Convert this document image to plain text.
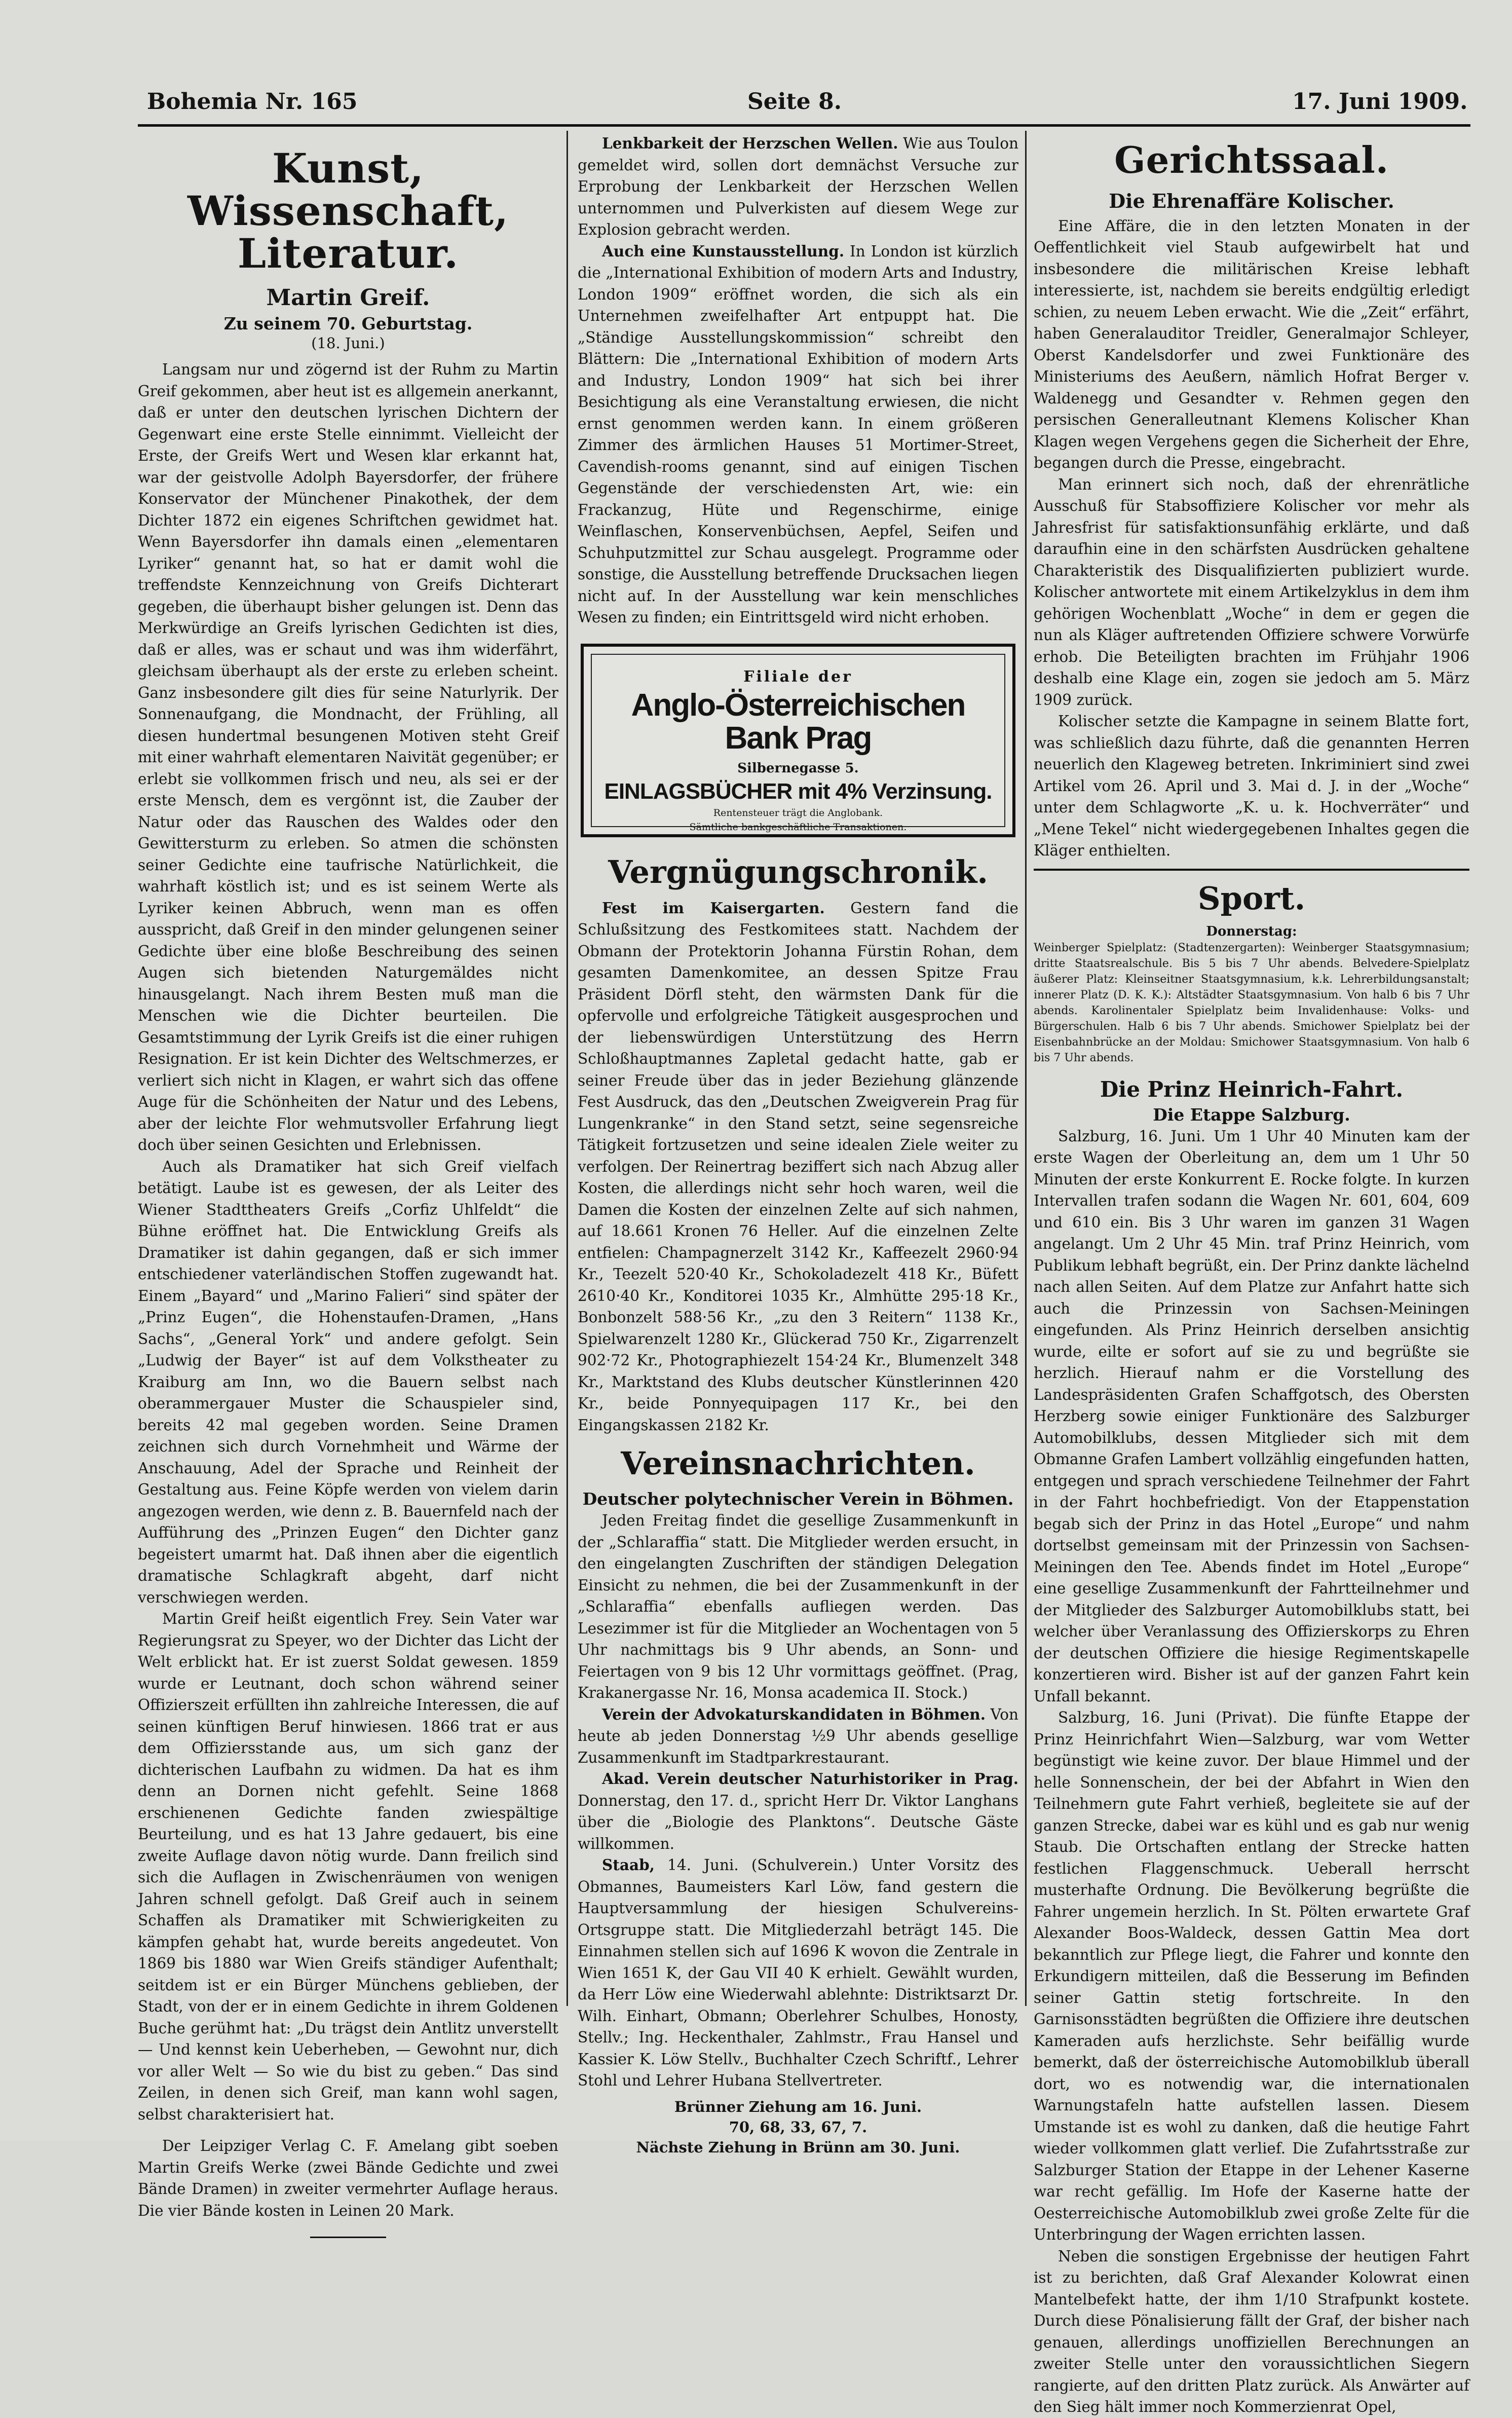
Bohemia Nr. 165	Seite 8.	17. Juni 1909.
Kunst, Wissenschaft, Literatur.
Martin Greif.
Zu seinem 70. Geburtstag.
(18. Juni.)

Langsam nur und zögernd ist der Ruhm zu Martin Greif gekommen, aber heut ist es allgemein anerkannt, daß er unter den deutschen lyrischen Dichtern der Gegenwart eine erste Stelle einnimmt. Vielleicht der Erste, der Greifs Wert und Wesen klar erkannt hat, war der geistvolle Adolph Bayersdorfer, der frühere Konservator der Münchener Pinakothek, der dem Dichter 1872 ein eigenes Schriftchen gewidmet hat. Wenn Bayersdorfer ihn damals einen „elementaren Lyriker“ genannt hat, so hat er damit wohl die treffendste Kennzeichnung von Greifs Dichterart gegeben, die überhaupt bisher gelungen ist. Denn das Merkwürdige an Greifs lyrischen Gedichten ist dies, daß er alles, was er schaut und was ihm widerfährt, gleichsam überhaupt als der erste zu erleben scheint. Ganz insbesondere gilt dies für seine Naturlyrik. Der Sonnenaufgang, die Mondnacht, der Frühling, all diesen hundertmal besungenen Motiven steht Greif mit einer wahrhaft elementaren Naivität gegenüber; er erlebt sie vollkommen frisch und neu, als sei er der erste Mensch, dem es vergönnt ist, die Zauber der Natur oder das Rauschen des Waldes oder den Gewittersturm zu erleben. So atmen die schönsten seiner Gedichte eine taufrische Natürlichkeit, die wahrhaft köstlich ist; und es ist seinem Werte als Lyriker keinen Abbruch, wenn man es offen ausspricht, daß Greif in den minder gelungenen seiner Gedichte über eine bloße Beschreibung des seinen Augen sich bietenden Naturgemäldes nicht hinausgelangt. Nach ihrem Besten muß man die Menschen wie die Dichter beurteilen. Die Gesamtstimmung der Lyrik Greifs ist die einer ruhigen Resignation. Er ist kein Dichter des Weltschmerzes, er verliert sich nicht in Klagen, er wahrt sich das offene Auge für die Schönheiten der Natur und des Lebens, aber der leichte Flor wehmutsvoller Erfahrung liegt doch über seinen Gesichten und Erlebnissen.

Auch als Dramatiker hat sich Greif vielfach betätigt. Laube ist es gewesen, der als Leiter des Wiener Stadttheaters Greifs „Corfiz Uhlfeldt“ die Bühne eröffnet hat. Die Entwicklung Greifs als Dramatiker ist dahin gegangen, daß er sich immer entschiedener vaterländischen Stoffen zugewandt hat. Einem „Bayard“ und „Marino Falieri“ sind später der „Prinz Eugen“, die Hohenstaufen-Dramen, „Hans Sachs“, „General York“ und andere gefolgt. Sein „Ludwig der Bayer“ ist auf dem Volkstheater zu Kraiburg am Inn, wo die Bauern selbst nach oberammergauer Muster die Schauspieler sind, bereits 42 mal gegeben worden. Seine Dramen zeichnen sich durch Vornehmheit und Wärme der Anschauung, Adel der Sprache und Reinheit der Gestaltung aus. Feine Köpfe werden von vielem darin angezogen werden, wie denn z. B. Bauernfeld nach der Aufführung des „Prinzen Eugen“ den Dichter ganz begeistert umarmt hat. Daß ihnen aber die eigentlich dramatische Schlagkraft abgeht, darf nicht verschwiegen werden.

Martin Greif heißt eigentlich Frey. Sein Vater war Regierungsrat zu Speyer, wo der Dichter das Licht der Welt erblickt hat. Er ist zuerst Soldat gewesen. 1859 wurde er Leutnant, doch schon während seiner Offizierszeit erfüllten ihn zahlreiche Interessen, die auf seinen künftigen Beruf hinwiesen. 1866 trat er aus dem Offiziersstande aus, um sich ganz der dichterischen Laufbahn zu widmen. Da hat es ihm denn an Dornen nicht gefehlt. Seine 1868 erschienenen Gedichte fanden zwiespältige Beurteilung, und es hat 13 Jahre gedauert, bis eine zweite Auflage davon nötig wurde. Dann freilich sind sich die Auflagen in Zwischenräumen von wenigen Jahren schnell gefolgt. Daß Greif auch in seinem Schaffen als Dramatiker mit Schwierigkeiten zu kämpfen gehabt hat, wurde bereits angedeutet. Von 1869 bis 1880 war Wien Greifs ständiger Aufenthalt; seitdem ist er ein Bürger Münchens geblieben, der Stadt, von der er in einem Gedichte in ihrem Goldenen Buche gerühmt hat: „Du trägst dein Antlitz unverstellt — Und kennst kein Ueberheben, — Gewohnt nur, dich vor aller Welt — So wie du bist zu geben.“ Das sind Zeilen, in denen sich Greif, man kann wohl sagen, selbst charakterisiert hat.

Der Leipziger Verlag C. F. Amelang gibt soeben Martin Greifs Werke (zwei Bände Gedichte und zwei Bände Dramen) in zweiter vermehrter Auflage heraus. Die vier Bände kosten in Leinen 20 Mark.

Lenkbarkeit der Herzschen Wellen. Wie aus Toulon gemeldet wird, sollen dort demnächst Versuche zur Erprobung der Lenkbarkeit der Herzschen Wellen unternommen und Pulverkisten auf diesem Wege zur Explosion gebracht werden.

Auch eine Kunstausstellung. In London ist kürzlich die „International Exhibition of modern Arts and Industry, London 1909“ eröffnet worden, die sich als ein Unternehmen zweifelhafter Art entpuppt hat. Die „Ständige Ausstellungskommission“ schreibt den Blättern: Die „International Exhibition of modern Arts and Industry, London 1909“ hat sich bei ihrer Besichtigung als eine Veranstaltung erwiesen, die nicht ernst genommen werden kann. In einem größeren Zimmer des ärmlichen Hauses 51 Mortimer-Street, Cavendish-rooms genannt, sind auf einigen Tischen Gegenstände der verschiedensten Art, wie: ein Frackanzug, Hüte und Regenschirme, einige Weinflaschen, Konservenbüchsen, Aepfel, Seifen und Schuhputzmittel zur Schau ausgelegt. Programme oder sonstige, die Ausstellung betreffende Drucksachen liegen nicht auf. In der Ausstellung war kein menschliches Wesen zu finden; ein Eintrittsgeld wird nicht erhoben.

Filiale der
Anglo-Österreichischen Bank Prag
Silbernegasse 5.
EINLAGSBÜCHER mit 4% Verzinsung.
Rentensteuer trägt die Anglobank.
Sämtliche bankgeschäftliche Transaktionen.
Vergnügungschronik.

Fest im Kaisergarten. Gestern fand die Schlußsitzung des Festkomitees statt. Nachdem der Obmann der Protektorin Johanna Fürstin Rohan, dem gesamten Damenkomitee, an dessen Spitze Frau Präsident Dörfl steht, den wärmsten Dank für die opfervolle und erfolgreiche Tätigkeit ausgesprochen und der liebenswürdigen Unterstützung des Herrn Schloßhauptmannes Zapletal gedacht hatte, gab er seiner Freude über das in jeder Beziehung glänzende Fest Ausdruck, das den „Deutschen Zweigverein Prag für Lungenkranke“ in den Stand setzt, seine segensreiche Tätigkeit fortzusetzen und seine idealen Ziele weiter zu verfolgen. Der Reinertrag beziffert sich nach Abzug aller Kosten, die allerdings nicht sehr hoch waren, weil die Damen die Kosten der einzelnen Zelte auf sich nahmen, auf 18.661 Kronen 76 Heller. Auf die einzelnen Zelte entfielen: Champagnerzelt 3142 Kr., Kaffeezelt 2960·94 Kr., Teezelt 520·40 Kr., Schokoladezelt 418 Kr., Büfett 2610·40 Kr., Konditorei 1035 Kr., Almhütte 295·18 Kr., Bonbonzelt 588·56 Kr., „zu den 3 Reitern“ 1138 Kr., Spielwarenzelt 1280 Kr., Glückerad 750 Kr., Zigarrenzelt 902·72 Kr., Photographiezelt 154·24 Kr., Blumenzelt 348 Kr., Marktstand des Klubs deutscher Künstlerinnen 420 Kr., beide Ponnyequipagen 117 Kr., bei den Eingangskassen 2182 Kr.

Vereinsnachrichten.
Deutscher polytechnischer Verein in Böhmen.

Jeden Freitag findet die gesellige Zusammenkunft in der „Schlaraffia“ statt. Die Mitglieder werden ersucht, in den eingelangten Zuschriften der ständigen Delegation Einsicht zu nehmen, die bei der Zusammenkunft in der „Schlaraffia“ ebenfalls aufliegen werden. Das Lesezimmer ist für die Mitglieder an Wochentagen von 5 Uhr nachmittags bis 9 Uhr abends, an Sonn- und Feiertagen von 9 bis 12 Uhr vormittags geöffnet. (Prag, Krakanergasse Nr. 16, Monsa academica II. Stock.)

Verein der Advokaturskandidaten in Böhmen. Von heute ab jeden Donnerstag ½9 Uhr abends gesellige Zusammenkunft im Stadtparkrestaurant.

Akad. Verein deutscher Naturhistoriker in Prag. Donnerstag, den 17. d., spricht Herr Dr. Viktor Langhans über die „Biologie des Planktons“. Deutsche Gäste willkommen.

Staab, 14. Juni. (Schulverein.) Unter Vorsitz des Obmannes, Baumeisters Karl Löw, fand gestern die Hauptversammlung der hiesigen Schulvereins-Ortsgruppe statt. Die Mitgliederzahl beträgt 145. Die Einnahmen stellen sich auf 1696 K wovon die Zentrale in Wien 1651 K, der Gau VII 40 K erhielt. Gewählt wurden, da Herr Löw eine Wiederwahl ablehnte: Distriktsarzt Dr. Wilh. Einhart, Obmann; Oberlehrer Schulbes, Honosty, Stellv.; Ing. Heckenthaler, Zahlmstr., Frau Hansel und Kassier K. Löw Stellv., Buchhalter Czech Schriftf., Lehrer Stohl und Lehrer Hubana Stellvertreter.

Brünner Ziehung am 16. Juni.
70, 68, 33, 67, 7.
Nächste Ziehung in Brünn am 30. Juni.
Gerichtssaal.
Die Ehrenaffäre Kolischer.

Eine Affäre, die in den letzten Monaten in der Oeffentlichkeit viel Staub aufgewirbelt hat und insbesondere die militärischen Kreise lebhaft interessierte, ist, nachdem sie bereits endgültig erledigt schien, zu neuem Leben erwacht. Wie die „Zeit“ erfährt, haben Generalauditor Treidler, Generalmajor Schleyer, Oberst Kandelsdorfer und zwei Funktionäre des Ministeriums des Aeußern, nämlich Hofrat Berger v. Waldenegg und Gesandter v. Rehmen gegen den persischen Generalleutnant Klemens Kolischer Khan Klagen wegen Vergehens gegen die Sicherheit der Ehre, begangen durch die Presse, eingebracht.

Man erinnert sich noch, daß der ehrenrätliche Ausschuß für Stabsoffiziere Kolischer vor mehr als Jahresfrist für satisfaktionsunfähig erklärte, und daß daraufhin eine in den schärfsten Ausdrücken gehaltene Charakteristik des Disqualifizierten publiziert wurde. Kolischer antwortete mit einem Artikelzyklus in dem ihm gehörigen Wochenblatt „Woche“ in dem er gegen die nun als Kläger auftretenden Offiziere schwere Vorwürfe erhob. Die Beteiligten brachten im Frühjahr 1906 deshalb eine Klage ein, zogen sie jedoch am 5. März 1909 zurück.

Kolischer setzte die Kampagne in seinem Blatte fort, was schließlich dazu führte, daß die genannten Herren neuerlich den Klageweg betreten. Inkriminiert sind zwei Artikel vom 26. April und 3. Mai d. J. in der „Woche“ unter dem Schlagworte „K. u. k. Hochverräter“ und „Mene Tekel“ nicht wiedergegebenen Inhaltes gegen die Kläger enthielten.

Sport.
Donnerstag:

Weinberger Spielplatz: (Stadtenzergarten): Weinberger Staatsgymnasium; dritte Staatsrealschule. Bis 5 bis 7 Uhr abends. Belvedere-Spielplatz äußerer Platz: Kleinseitner Staatsgymnasium, k.k. Lehrerbildungsanstalt; innerer Platz (D. K. K.): Altstädter Staatsgymnasium. Von halb 6 bis 7 Uhr abends. Karolinentaler Spielplatz beim Invalidenhause: Volks- und Bürgerschulen. Halb 6 bis 7 Uhr abends. Smichower Spielplatz bei der Eisenbahnbrücke an der Moldau: Smichower Staatsgymnasium. Von halb 6 bis 7 Uhr abends.

Die Prinz Heinrich-Fahrt.
Die Etappe Salzburg.

Salzburg, 16. Juni. Um 1 Uhr 40 Minuten kam der erste Wagen der Oberleitung an, dem um 1 Uhr 50 Minuten der erste Konkurrent E. Rocke folgte. In kurzen Intervallen trafen sodann die Wagen Nr. 601, 604, 609 und 610 ein. Bis 3 Uhr waren im ganzen 31 Wagen angelangt. Um 2 Uhr 45 Min. traf Prinz Heinrich, vom Publikum lebhaft begrüßt, ein. Der Prinz dankte lächelnd nach allen Seiten. Auf dem Platze zur Anfahrt hatte sich auch die Prinzessin von Sachsen-Meiningen eingefunden. Als Prinz Heinrich derselben ansichtig wurde, eilte er sofort auf sie zu und begrüßte sie herzlich. Hierauf nahm er die Vorstellung des Landespräsidenten Grafen Schaffgotsch, des Obersten Herzberg sowie einiger Funktionäre des Salzburger Automobilklubs, dessen Mitglieder sich mit dem Obmanne Grafen Lambert vollzählig eingefunden hatten, entgegen und sprach verschiedene Teilnehmer der Fahrt in der Fahrt hochbefriedigt. Von der Etappenstation begab sich der Prinz in das Hotel „Europe“ und nahm dortselbst gemeinsam mit der Prinzessin von Sachsen-Meiningen den Tee. Abends findet im Hotel „Europe“ eine gesellige Zusammenkunft der Fahrtteilnehmer und der Mitglieder des Salzburger Automobilklubs statt, bei welcher über Veranlassung des Offizierskorps zu Ehren der deutschen Offiziere die hiesige Regimentskapelle konzertieren wird. Bisher ist auf der ganzen Fahrt kein Unfall bekannt.

Salzburg, 16. Juni (Privat). Die fünfte Etappe der Prinz Heinrichfahrt Wien—Salzburg, war vom Wetter begünstigt wie keine zuvor. Der blaue Himmel und der helle Sonnenschein, der bei der Abfahrt in Wien den Teilnehmern gute Fahrt verhieß, begleitete sie auf der ganzen Strecke, dabei war es kühl und es gab nur wenig Staub. Die Ortschaften entlang der Strecke hatten festlichen Flaggenschmuck. Ueberall herrscht musterhafte Ordnung. Die Bevölkerung begrüßte die Fahrer ungemein herzlich. In St. Pölten erwartete Graf Alexander Boos-Waldeck, dessen Gattin Mea dort bekanntlich zur Pflege liegt, die Fahrer und konnte den Erkundigern mitteilen, daß die Besserung im Befinden seiner Gattin stetig fortschreite. In den Garnisonsstädten begrüßten die Offiziere ihre deutschen Kameraden aufs herzlichste. Sehr beifällig wurde bemerkt, daß der österreichische Automobilklub überall dort, wo es notwendig war, die internationalen Warnungstafeln hatte aufstellen lassen. Diesem Umstande ist es wohl zu danken, daß die heutige Fahrt wieder vollkommen glatt verlief. Die Zufahrtsstraße zur Salzburger Station der Etappe in der Lehener Kaserne war recht gefällig. Im Hofe der Kaserne hatte der Oesterreichische Automobilklub zwei große Zelte für die Unterbringung der Wagen errichten lassen.

Neben die sonstigen Ergebnisse der heutigen Fahrt ist zu berichten, daß Graf Alexander Kolowrat einen Mantelbefekt hatte, der ihm 1/10 Strafpunkt kostete. Durch diese Pönalisierung fällt der Graf, der bisher nach genauen, allerdings unoffiziellen Berechnungen an zweiter Stelle unter den voraussichtlichen Siegern rangierte, auf den dritten Platz zurück. Als Anwärter auf den Sieg hält immer noch Kommerzienrat Opel,
